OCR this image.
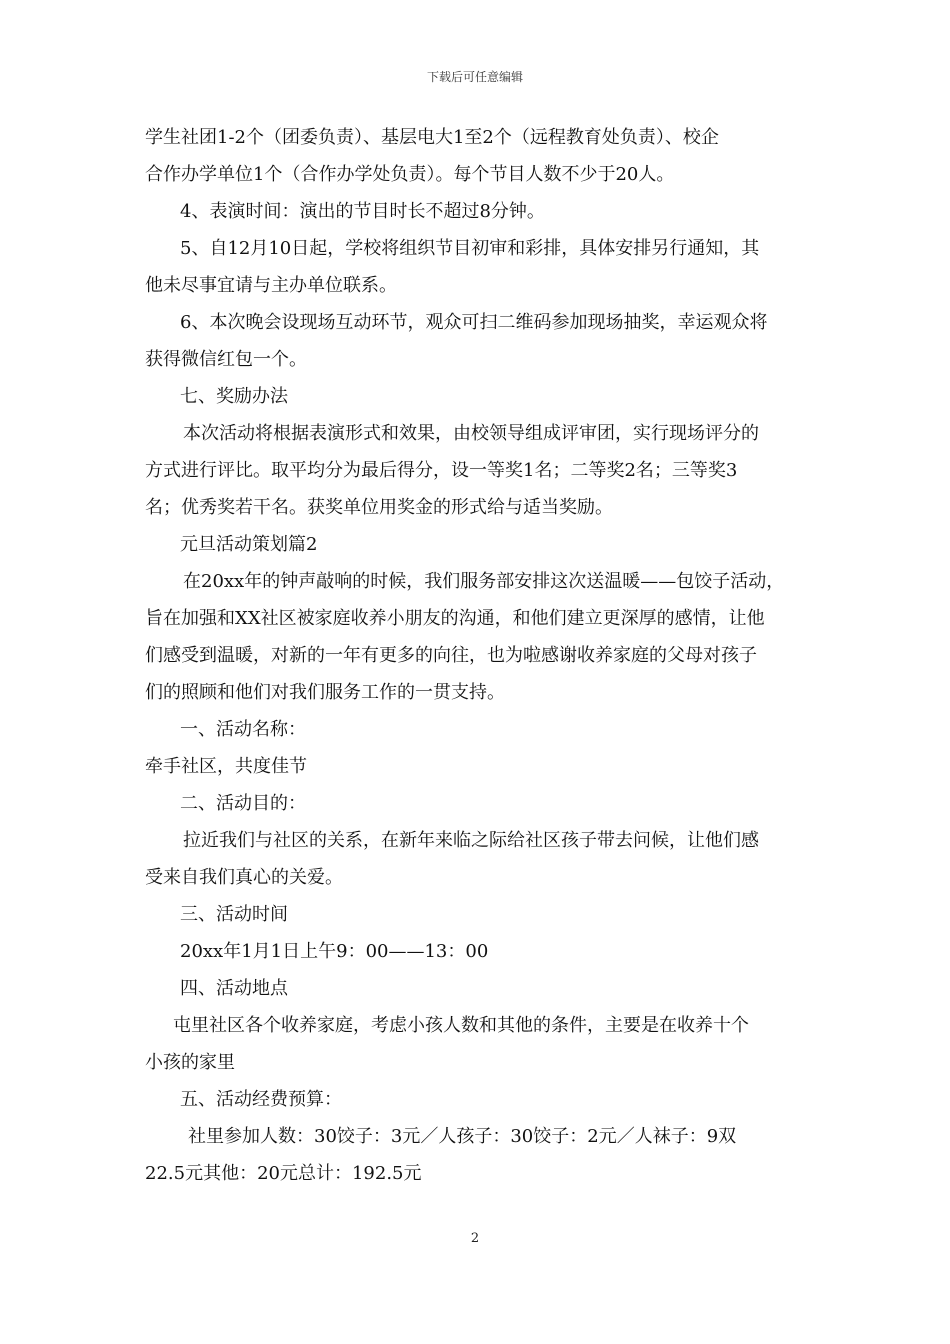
下载后可任意编辑
学生社团1-2个（团委负责）、基层电大1至2个（远程教育处负责）、校企
合作办学单位1个（合作办学处负责）。每个节目人数不少于20人。
4、表演时间：演出的节目时长不超过8分钟。
5、自12月10日起，学校将组织节目初审和彩排，具体安排另行通知，其
他未尽事宜请与主办单位联系。
6、本次晚会设现场互动环节，观众可扫二维码参加现场抽奖，幸运观众将
获得微信红包一个。
七、奖励办法
本次活动将根据表演形式和效果，由校领导组成评审团，实行现场评分的
方式进行评比。取平均分为最后得分，设一等奖1名；二等奖2名；三等奖3
名；优秀奖若干名。获奖单位用奖金的形式给与适当奖励。
元旦活动策划篇2
在20xx年的钟声敲响的时候，我们服务部安排这次送温暖——包饺子活动，
旨在加强和XX社区被家庭收养小朋友的沟通，和他们建立更深厚的感情，让他
们感受到温暖，对新的一年有更多的向往，也为啦感谢收养家庭的父母对孩子
们的照顾和他们对我们服务工作的一贯支持。
一、活动名称：
牵手社区，共度佳节
二、活动目的：
拉近我们与社区的关系，在新年来临之际给社区孩子带去问候，让他们感
受来自我们真心的关爱。
三、活动时间
20xx年1月1日上午9：00——13：00
四、活动地点
屯里社区各个收养家庭，考虑小孩人数和其他的条件，主要是在收养十个
小孩的家里
五、活动经费预算：
社里参加人数：30饺子：3元／人孩子：30饺子：2元／人袜子：9双
22.5元其他：20元总计：192.5元
2
